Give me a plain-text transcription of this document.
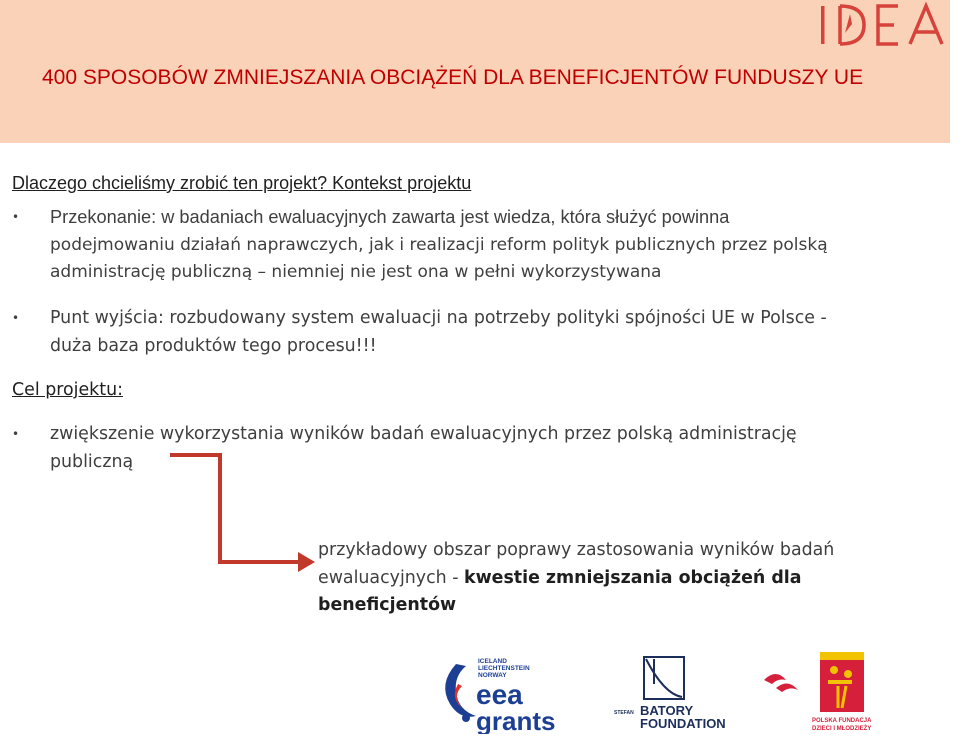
400 SPOSOBÓW ZMNIEJSZANIA OBCIĄŻEŃ DLA BENEFICJENTÓW FUNDUSZY UE
Dlaczego chcieliśmy zrobić ten projekt? Kontekst projektu
• Przekonanie: w badaniach ewaluacyjnych zawarta jest wiedza, która służyć powinna
podejmowaniu działań naprawczych, jak i realizacji reform polityk publicznych przez polską
administrację publiczną – niemniej nie jest ona w pełni wykorzystywana
• Punt wyjścia: rozbudowany system ewaluacji na potrzeby polityki spójności UE w Polsce -
duża baza produktów tego procesu!!!
Cel projektu:
• zwiększenie wykorzystania wyników badań ewaluacyjnych przez polską administrację
publiczną
przykładowy obszar poprawy zastosowania wyników badań
ewaluacyjnych - kwestie zmniejszania obciążeń dla
beneficjentów
ICELAND
LIECHTENSTEIN
NORWAY
eea
grants	STEFAN BATORY
FOUNDATION	POLSKA FUNDACJA
DZIECI I MŁODZIEŻY
